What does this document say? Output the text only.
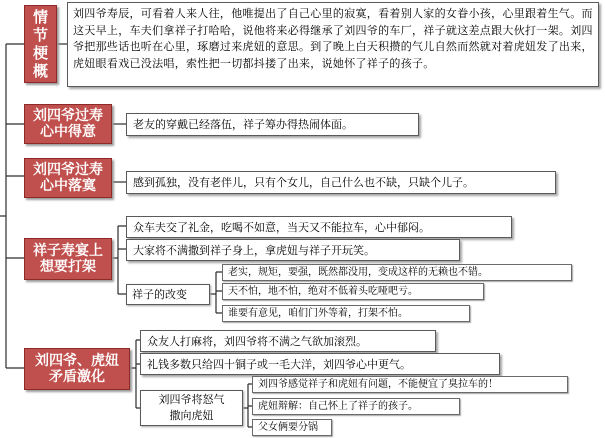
情
节
梗
概
刘四爷寿辰，可看着人来人往，他唯提出了自己心里的寂寞，看着别人家的女眷小孩，心里跟着生气。而这天早上，车夫们拿祥子打哈哈，说他将来必得继承了刘四爷的车厂，祥子就这差点跟大伙打一架。刘四爷把那些话也听在心里，琢磨过来虎妞的意思。到了晚上白天积攒的气儿自然而然就对着虎妞发了出来，虎妞眼看戏已没法唱，索性把一切都抖搂了出来，说她怀了祥子的孩子。
刘四爷过寿
心中得意	老友的穿戴已经落伍，祥子筹办得热闹体面。
刘四爷过寿
心中落寞	感到孤独，没有老伴儿，只有个女儿，自己什么也不缺，只缺个儿子。
祥子寿宴上
想要打架
众车夫交了礼金，吃喝不如意，当天又不能拉车，心中郁闷。
大家将不满撒到祥子身上，拿虎妞与祥子开玩笑。
祥子的改变
老实，规矩，要强，既然都没用，变成这样的无赖也不错。
天不怕，地不怕，绝对不低着头吃哑吧亏。
谁要有意见，咱们门外等着，打架不怕。
刘四爷、虎妞
矛盾激化
众友人打麻将，刘四爷将不满之气欲加滚烈。
礼钱多数只给四十铜子或一毛大洋，刘四爷心中更气。
刘四爷将怒气
撒向虎妞
刘四爷感觉祥子和虎妞有问题，不能便宜了臭拉车的！
虎妞辩解：自己怀上了祥子的孩子。
父女俩要分锅
